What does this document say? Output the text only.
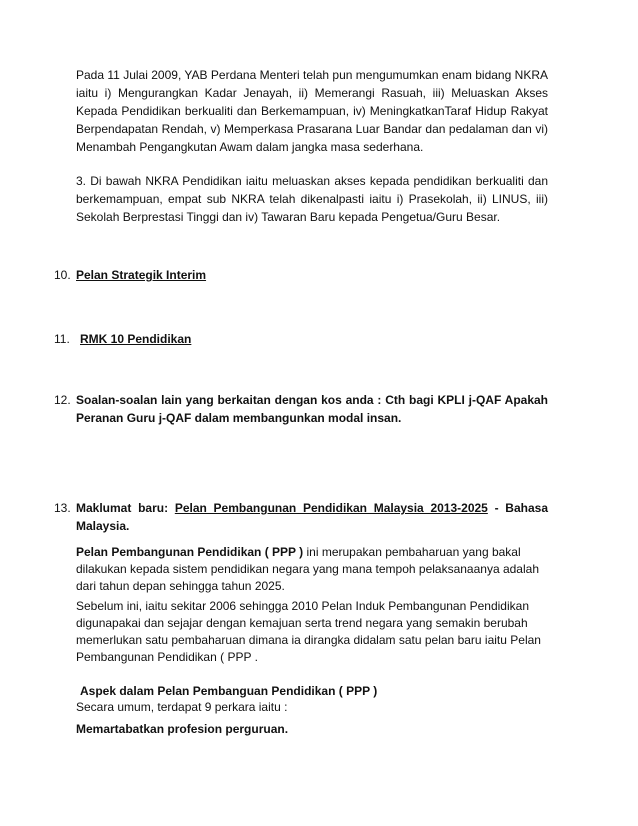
Pada 11 Julai 2009, YAB Perdana Menteri telah pun mengumumkan enam bidang NKRA iaitu i) Mengurangkan Kadar Jenayah, ii) Memerangi Rasuah, iii) Meluaskan Akses Kepada Pendidikan berkualiti dan Berkemampuan, iv) MeningkatkanTaraf Hidup Rakyat Berpendapatan Rendah, v) Memperkasa Prasarana Luar Bandar dan pedalaman dan vi) Menambah Pengangkutan Awam dalam jangka masa sederhana.

3. Di bawah NKRA Pendidikan iaitu meluaskan akses kepada pendidikan berkualiti dan berkemampuan, empat sub NKRA telah dikenalpasti iaitu i) Prasekolah, ii) LINUS, iii) Sekolah Berprestasi Tinggi dan iv) Tawaran Baru kepada Pengetua/Guru Besar.

10. Pelan Strategik Interim
11. RMK 10 Pendidikan
12. Soalan-soalan lain yang berkaitan dengan kos anda : Cth bagi KPLI j-QAF Apakah Peranan Guru j-QAF dalam membangunkan modal insan.
13. Maklumat baru: Pelan Pembangunan Pendidikan Malaysia 2013-2025 - Bahasa Malaysia.
Pelan Pembangunan Pendidikan ( PPP ) ini merupakan pembaharuan yang bakal dilakukan kepada sistem pendidikan negara yang mana tempoh pelaksanaanya adalah dari tahun depan sehingga tahun 2025.
Sebelum ini, iaitu sekitar 2006 sehingga 2010 Pelan Induk Pembangunan Pendidikan digunapakai dan sejajar dengan kemajuan serta trend negara yang semakin berubah memerlukan satu pembaharuan dimana ia dirangka didalam satu pelan baru iaitu Pelan Pembangunan Pendidikan ( PPP .
Aspek dalam Pelan Pembanguan Pendidikan ( PPP )
Secara umum, terdapat 9 perkara iaitu :
Memartabatkan profesion perguruan.
